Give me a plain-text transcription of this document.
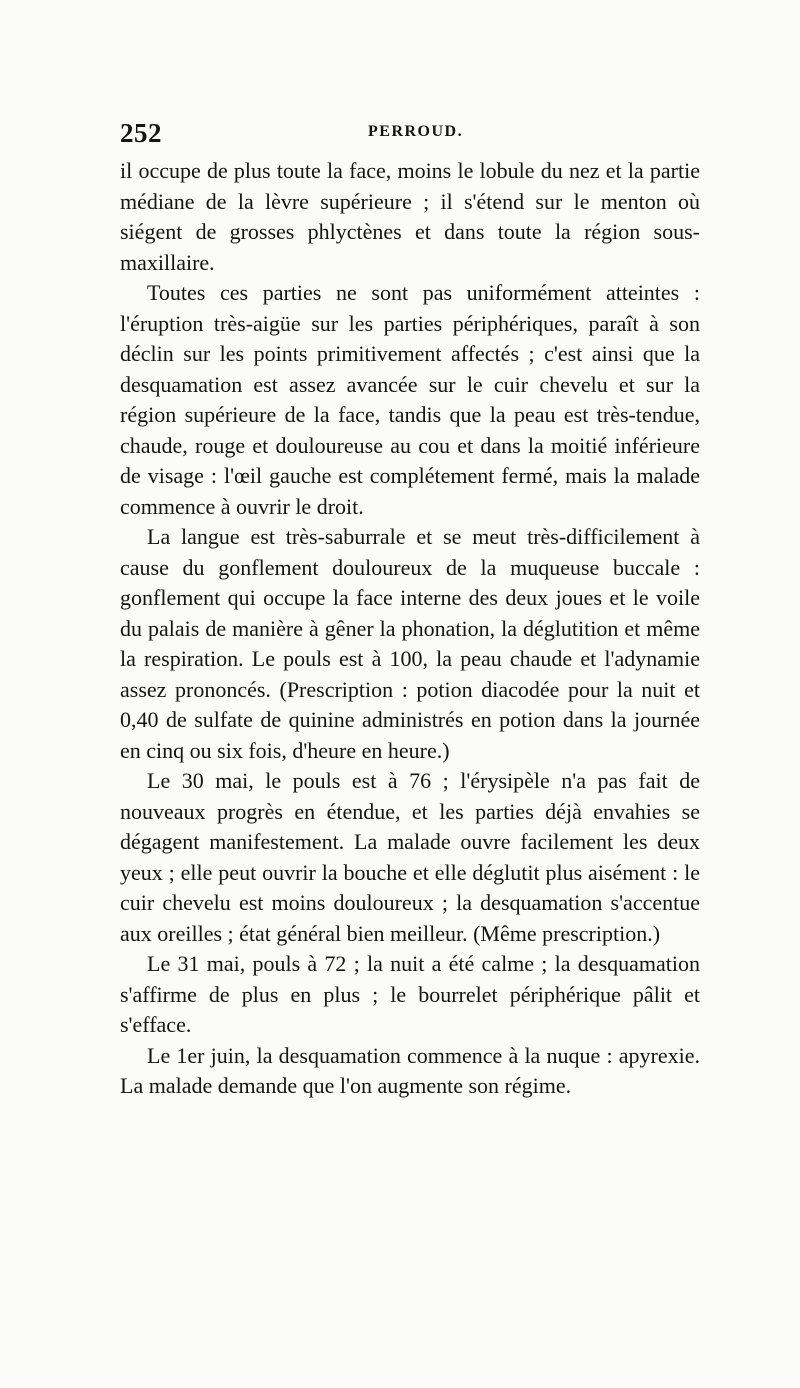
252	PERROUD.

il occupe de plus toute la face, moins le lobule du nez et la partie médiane de la lèvre supérieure ; il s'étend sur le menton où siégent de grosses phlyctènes et dans toute la région sous-maxillaire.

Toutes ces parties ne sont pas uniformément atteintes : l'éruption très-aigüe sur les parties périphériques, paraît à son déclin sur les points primitivement affectés ; c'est ainsi que la desquamation est assez avancée sur le cuir chevelu et sur la région supérieure de la face, tandis que la peau est très-tendue, chaude, rouge et douloureuse au cou et dans la moitié inférieure de visage : l'œil gauche est complétement fermé, mais la malade commence à ouvrir le droit.

La langue est très-saburrale et se meut très-difficilement à cause du gonflement douloureux de la muqueuse buccale : gonflement qui occupe la face interne des deux joues et le voile du palais de manière à gêner la phonation, la déglutition et même la respiration. Le pouls est à 100, la peau chaude et l'adynamie assez prononcés. (Prescription : potion diacodée pour la nuit et 0,40 de sulfate de quinine administrés en potion dans la journée en cinq ou six fois, d'heure en heure.)

Le 30 mai, le pouls est à 76 ; l'érysipèle n'a pas fait de nouveaux progrès en étendue, et les parties déjà envahies se dégagent manifestement. La malade ouvre facilement les deux yeux ; elle peut ouvrir la bouche et elle déglutit plus aisément : le cuir chevelu est moins douloureux ; la desquamation s'accentue aux oreilles ; état général bien meilleur. (Même prescription.)

Le 31 mai, pouls à 72 ; la nuit a été calme ; la desquamation s'affirme de plus en plus ; le bourrelet périphérique pâlit et s'efface.

Le 1er juin, la desquamation commence à la nuque : apyrexie. La malade demande que l'on augmente son régime.
